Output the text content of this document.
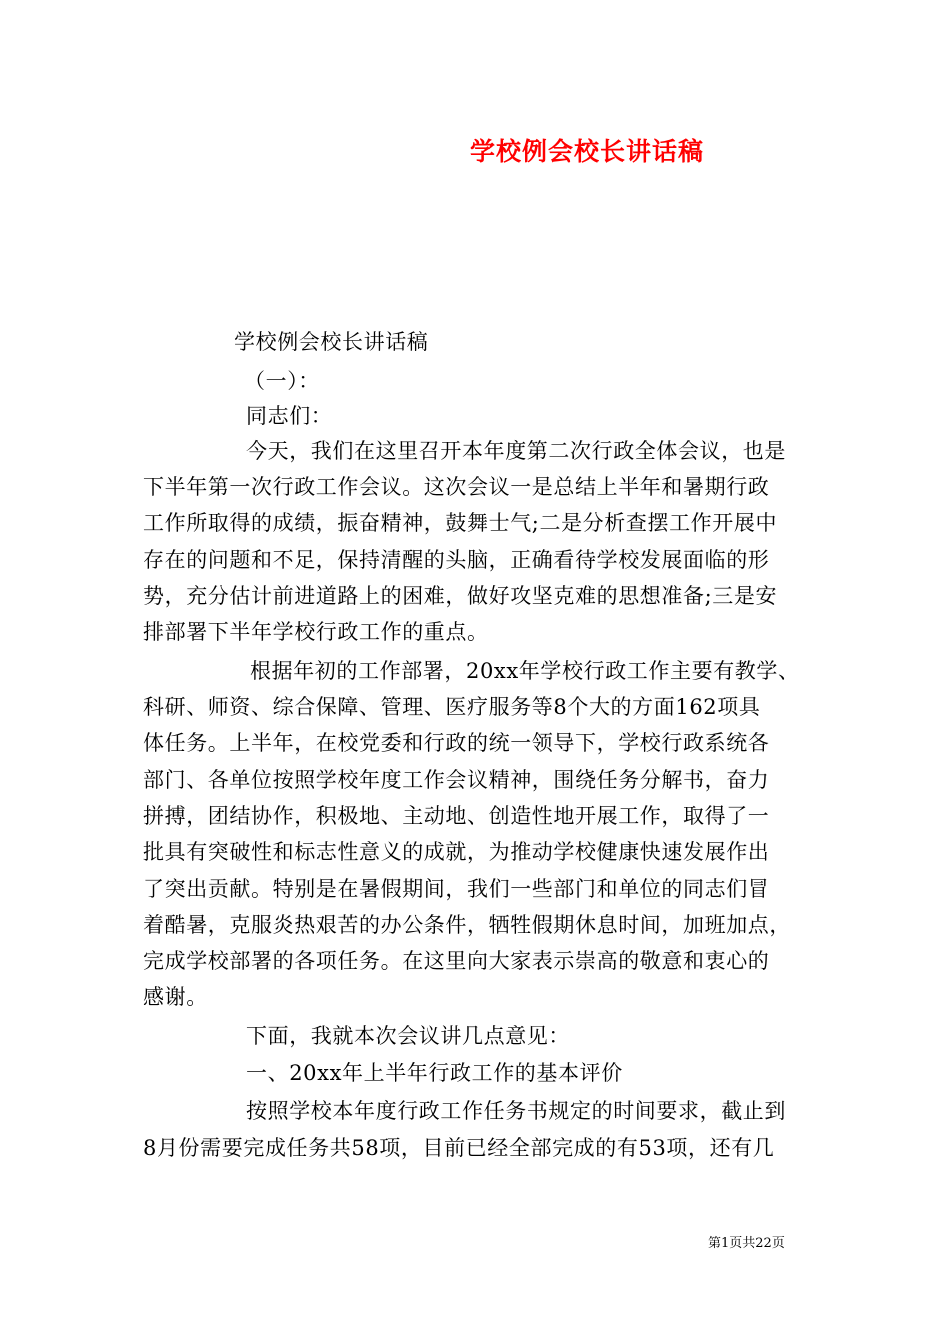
学校例会校长讲话稿
学校例会校长讲话稿
（一）：
同志们：
今天，我们在这里召开本年度第二次行政全体会议，也是
下半年第一次行政工作会议。这次会议一是总结上半年和暑期行政
工作所取得的成绩，振奋精神，鼓舞士气;二是分析查摆工作开展中
存在的问题和不足，保持清醒的头脑，正确看待学校发展面临的形
势，充分估计前进道路上的困难，做好攻坚克难的思想准备;三是安
排部署下半年学校行政工作的重点。
根据年初的工作部署，20xx年学校行政工作主要有教学、
科研、师资、综合保障、管理、医疗服务等8个大的方面162项具
体任务。上半年，在校党委和行政的统一领导下，学校行政系统各
部门、各单位按照学校年度工作会议精神，围绕任务分解书，奋力
拼搏，团结协作，积极地、主动地、创造性地开展工作，取得了一
批具有突破性和标志性意义的成就，为推动学校健康快速发展作出
了突出贡献。特别是在暑假期间，我们一些部门和单位的同志们冒
着酷暑，克服炎热艰苦的办公条件，牺牲假期休息时间，加班加点，
完成学校部署的各项任务。在这里向大家表示崇高的敬意和衷心的
感谢。
下面，我就本次会议讲几点意见：
一、20xx年上半年行政工作的基本评价
按照学校本年度行政工作任务书规定的时间要求，截止到
8月份需要完成任务共58项，目前已经全部完成的有53项，还有几
第1页共22页
